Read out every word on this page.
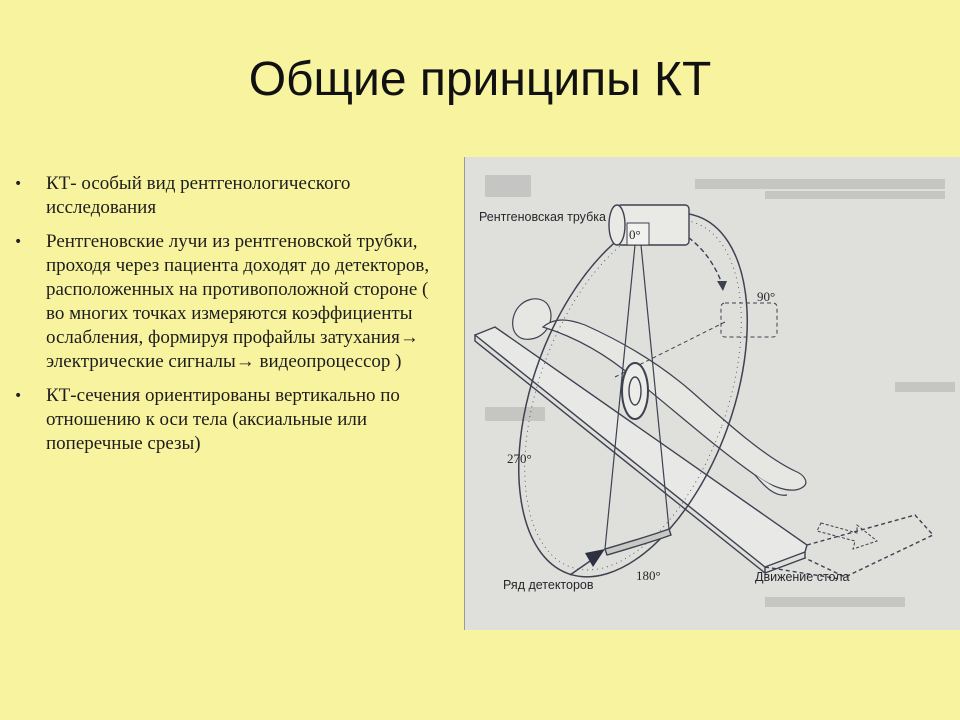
Общие принципы КТ
•	КТ- особый вид рентгенологического исследования
•	Рентгеновские лучи из рентгеновской трубки, проходя через пациента доходят до детекторов, расположенных на противоположной стороне ( во многих точках измеряются коэффициенты ослабления, формируя профайлы затухания→ электрические сигналы→ видеопроцессор )
•	КТ-сечения ориентированы вертикально по отношению к оси тела (аксиальные или поперечные срезы)
Рентгеновская трубка
Ряд детекторов
Движение стола
0°
90°
180°
270°
